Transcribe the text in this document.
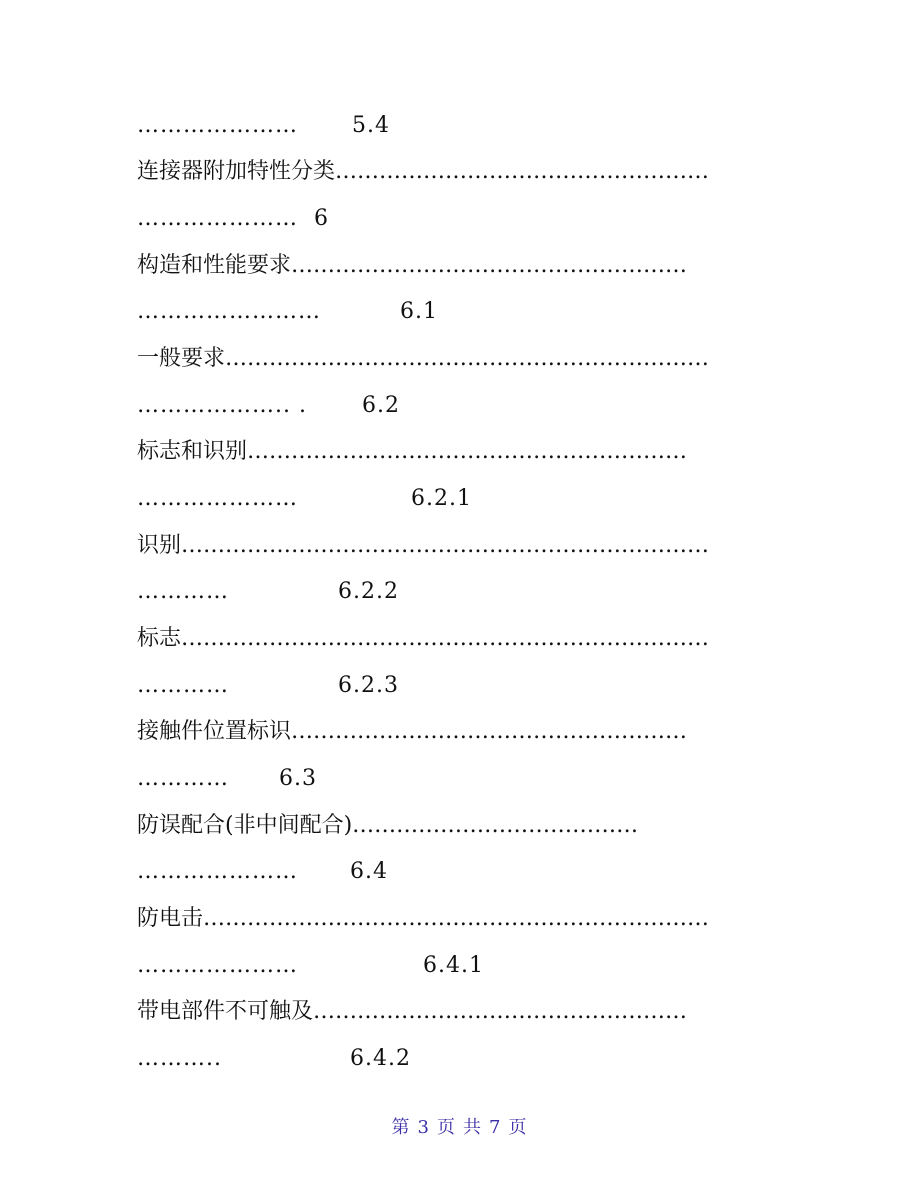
………………… 5.4
连接器附加特性分类……………………………………………
………………… 6
构造和性能要求………………………………………………
……………………	6.1
一般要求…………………………………………………………
……………….. .	6.2
标志和识别……………………………………………………
…………………	6.2.1
识别………………………………………………………………
…………	6.2.2
标志………………………………………………………………
…………	6.2.3
接触件位置标识………………………………………………
………… 6.3
防误配合(非中间配合)…………………………………
………………… 6.4
防电击……………………………………………………………
…………………	6.4.1
带电部件不可触及……………………………………………
………..	6.4.2
第 3 页 共 7 页
